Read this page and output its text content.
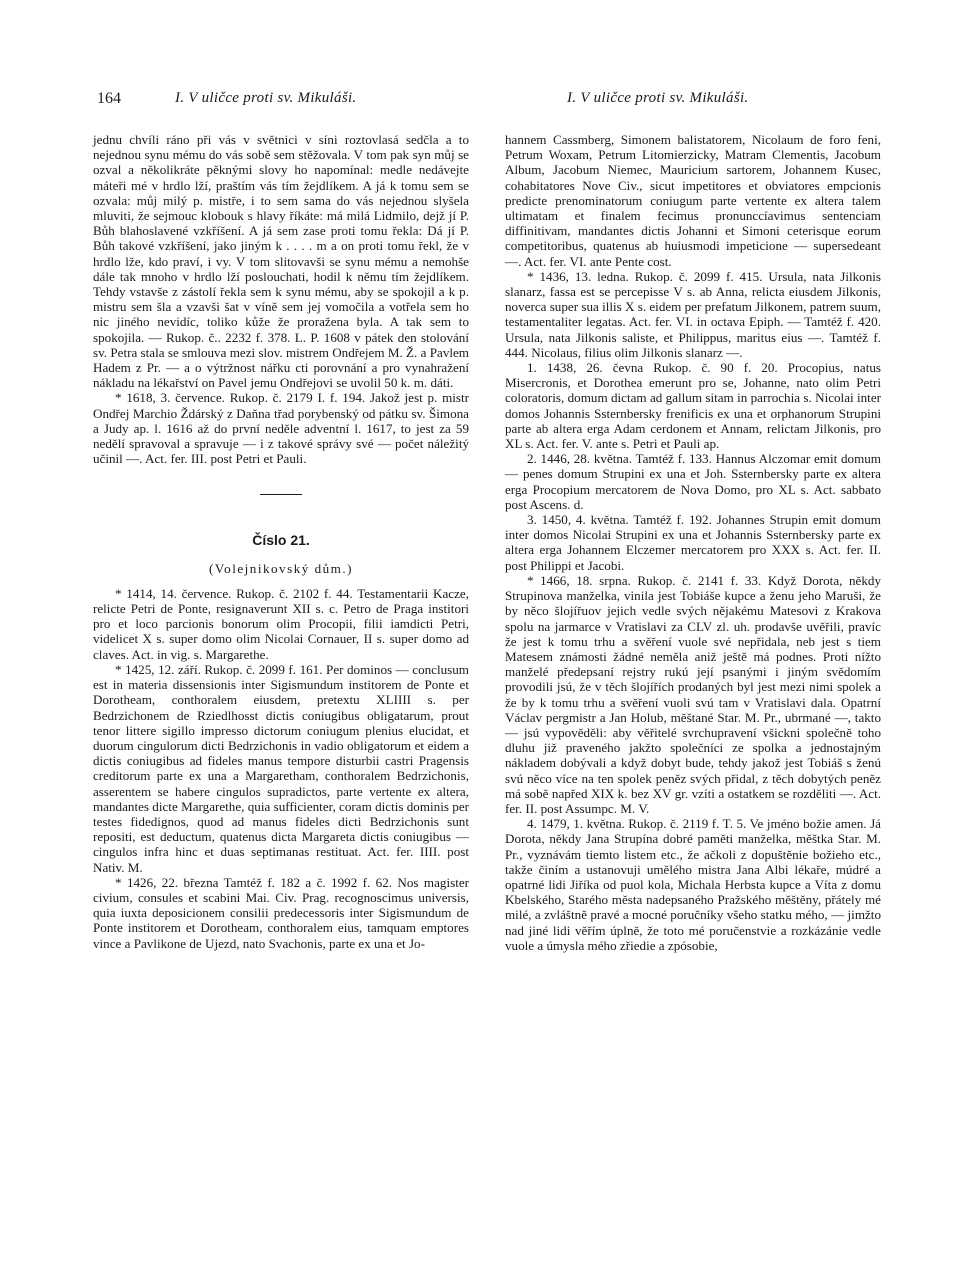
164	I. V uličce proti sv. Mikuláši.	I. V uličce proti sv. Mikuláši.

jednu chvíli ráno při vás v světnici v síni roztovlasá sedčla a to nejednou synu mému do vás sobě sem stěžovala. V tom pak syn můj se ozval a několikráte pěknými slovy ho napomínal: medle nedávejte máteři mé v hrdlo lží, praštím vás tím žejdlíkem. A já k tomu sem se ozvala: můj milý p. mistře, i to sem sama do vás nejednou slyšela mluviti, že sejmouc klobouk s hlavy říkáte: má milá Lidmilo, dejž jí P. Bůh blahoslavené vzkříšení. A já sem zase proti tomu řekla: Dá jí P. Bůh takové vzkříšení, jako jiným k . . . . m a on proti tomu řekl, že v hrdlo lže, kdo praví, i vy. V tom slitovavši se synu mému a nemohše dále tak mnoho v hrdlo lží poslouchati, hodil k němu tím žejdlíkem. Tehdy vstavše z zástolí řekla sem k synu mému, aby se spokojil a k p. mistru sem šla a vzavši šat v víně sem jej vomočila a votřela sem ho nic jiného nevidíc, toliko kůže že proražena byla. A tak sem to spokojila. — Rukop. č.. 2232 f. 378. L. P. 1608 v pátek den stolování sv. Petra stala se smlouva mezi slov. mistrem Ondřejem M. Ž. a Pavlem Hadem z Pr. — a o výtržnost nářku cti porovnání a pro vynahražení nákladu na lékařství on Pavel jemu Ondřejovi se uvolil 50 k. m. dáti.

* 1618, 3. července. Rukop. č. 2179 I. f. 194. Jakož jest p. mistr Ondřej Marchio Ždárský z Daňna třad porybenský od pátku sv. Šimona a Judy ap. l. 1616 až do první neděle adventní l. 1617, to jest za 59 nedělí spravoval a spravuje — i z takové správy své — počet náležitý učinil —. Act. fer. III. post Petri et Pauli.

Číslo 21.
(Volejnikovský dům.)

* 1414, 14. července. Rukop. č. 2102 f. 44. Testamentarii Kacze, relicte Petri de Ponte, resignaverunt XII s. c. Petro de Praga institori pro et loco parcionis bonorum olim Procopii, filii iamdicti Petri, videlicet X s. super domo olim Nicolai Cornauer, II s. super domo ad claves. Act. in vig. s. Margarethe.

* 1425, 12. září. Rukop. č. 2099 f. 161. Per dominos — conclusum est in materia dissensionis inter Sigismundum institorem de Ponte et Dorotheam, conthoralem eiusdem, pretextu XLIIII s. per Bedrzichonem de Rziedlhosst dictis coniugibus obligatarum, prout tenor littere sigillo impresso dictorum coniugum plenius elucidat, et duorum cingulorum dicti Bedrzichonis in vadio obligatorum et eidem a dictis coniugibus ad fideles manus tempore disturbii castri Pragensis creditorum parte ex una a Margaretham, conthoralem Bedrzichonis, asserentem se habere cingulos supradictos, parte vertente ex altera, mandantes dicte Margarethe, quia sufficienter, coram dictis dominis per testes fidedignos, quod ad manus fideles dicti Bedrzichonis sunt repositi, est deductum, quatenus dicta Margareta dictis coniugibus — cingulos infra hinc et duas septimanas restituat. Act. fer. IIII. post Nativ. M.

* 1426, 22. března Tamtéž f. 182 a č. 1992 f. 62. Nos magister civium, consules et scabini Mai. Civ. Prag. recognoscimus universis, quia iuxta deposicionem consilii predecessoris inter Sigismundum de Ponte institorem et Dorotheam, conthoralem eius, tamquam emptores vince a Pavlikone de Ujezd, nato Svachonis, parte ex una et Jo-

hannem Cassmberg, Simonem balistatorem, Nicolaum de foro feni, Petrum Woxam, Petrum Litomierzicky, Matram Clementis, Jacobum Album, Jacobum Niemec, Mauricium sartorem, Johannem Kusec, cohabitatores Nove Civ., sicut impetitores et obviatores empcionis predicte prenominatorum coniugum parte vertente ex altera talem ultimatam et finalem fecimus pronunccíavimus sentenciam diffinitivam, mandantes dictis Johanni et Simoni ceterisque eorum competitoribus, quatenus ab huiusmodi impeticione — supersedeant —. Act. fer. VI. ante Pente cost.

* 1436, 13. ledna. Rukop. č. 2099 f. 415. Ursula, nata Jilkonis slanarz, fassa est se percepisse V s. ab Anna, relicta eiusdem Jilkonis, noverca super sua illis X s. eidem per prefatum Jilkonem, patrem suum, testamentaliter legatas. Act. fer. VI. in octava Epiph. — Tamtéž f. 420. Ursula, nata Jilkonis saliste, et Philippus, maritus eius —. Tamtéž f. 444. Nicolaus, filius olim Jilkonis slanarz —.

1. 1438, 26. čevna Rukop. č. 90 f. 20. Procopius, natus Misercronis, et Dorothea emerunt pro se, Johanne, nato olim Petri coloratoris, domum dictam ad gallum sitam in parrochia s. Nicolai inter domos Johannis Ssternbersky frenificis ex una et orphanorum Strupini parte ab altera erga Adam cerdonem et Annam, relictam Jilkonis, pro XL s. Act. fer. V. ante s. Petri et Pauli ap.

2. 1446, 28. května. Tamtéž f. 133. Hannus Alczomar emit domum — penes domum Strupini ex una et Joh. Ssternbersky parte ex altera erga Procopium mercatorem de Nova Domo, pro XL s. Act. sabbato post Ascens. d.

3. 1450, 4. května. Tamtéž f. 192. Johannes Strupin emit domum inter domos Nicolai Strupini ex una et Johannis Ssternbersky parte ex altera erga Johannem Elczemer mercatorem pro XXX s. Act. fer. II. post Philippi et Jacobi.

* 1466, 18. srpna. Rukop. č. 2141 f. 33. Když Dorota, někdy Strupinova manželka, vinila jest Tobiáše kupce a ženu jeho Maruši, že by něco šlojířuov jejich vedle svých nějakému Matesovi z Krakova spolu na jarmarce v Vratislavi za CLV zl. uh. prodavše uvěřili, pravíc že jest k tomu trhu a svěření vuole své nepřidala, neb jest s tiem Matesem známosti žádné neměla aniž ještě má podnes. Proti nížto manželé předepsaní rejstry rukú její psanými i jiným svědomím provodili jsú, že v těch šlojířích prodaných byl jest mezi nimi spolek a že by k tomu trhu a svěření vuoli svú tam v Vratislavi dala. Opatrní Václav pergmistr a Jan Holub, měštané Star. M. Pr., ubrmané —, takto — jsú vypověděli: aby věřitelé svrchupravení všickni společně toho dluhu již praveného jakžto společníci ze spolka a jednostajným nákladem dobývali a když dobyt bude, tehdy jakož jest Tobiáš s ženú svú něco více na ten spolek peněz svých přidal, z těch dobytých peněz má sobě napřed XIX k. bez XV gr. vzíti a ostatkem se rozděliti —. Act. fer. II. post Assumpc. M. V.

4. 1479, 1. května. Rukop. č. 2119 f. T. 5. Ve jméno božie amen. Já Dorota, někdy Jana Strupína dobré paměti manželka, měštka Star. M. Pr., vyznávám tiemto listem etc., že ačkoli z dopuštěnie božieho etc., takže činím a ustanovuji umělého mistra Jana Albi lékaře, múdré a opatrné lidi Jiříka od puol kola, Michala Herbsta kupce a Víta z domu Kbelského, Starého města nadepsaného Pražského měštěny, přátely mé milé, a zvláštně pravé a mocné poručníky všeho statku mého, — jimžto nad jiné lidi věřím úplně, že toto mé poručenstvie a rozkázánie vedle vuole a úmysla mého zřiedie a zpósobie,
